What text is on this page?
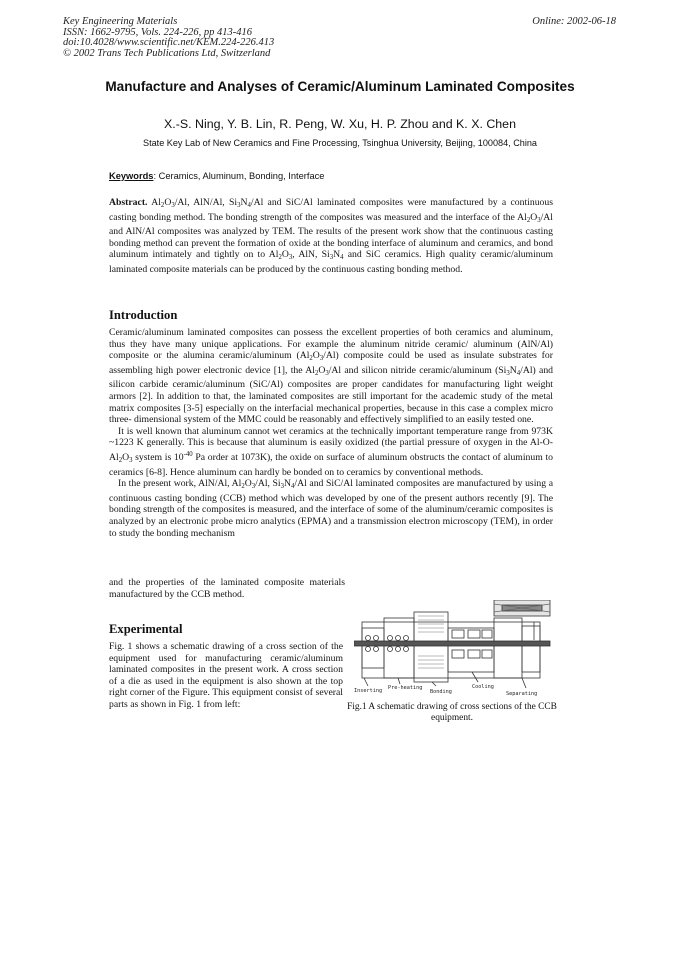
Key Engineering Materials
ISSN: 1662-9795, Vols. 224-226, pp 413-416
doi:10.4028/www.scientific.net/KEM.224-226.413
© 2002 Trans Tech Publications Ltd, Switzerland
Online: 2002-06-18
Manufacture and Analyses of Ceramic/Aluminum Laminated Composites
X.-S. Ning, Y. B. Lin, R. Peng, W. Xu, H. P. Zhou and K. X. Chen
State Key Lab of New Ceramics and Fine Processing, Tsinghua University, Beijing, 100084, China
Keywords: Ceramics, Aluminum, Bonding, Interface
Abstract. $Al_2O_3/Al$, AlN/Al, $Si_3N_4/Al$ and SiC/Al laminated composites were manufactured by a continuous casting bonding method. The bonding strength of the composites was measured and the interface of the $Al_2O_3/Al$ and AlN/Al composites was analyzed by TEM. The results of the present work show that the continuous casting bonding method can prevent the formation of oxide at the bonding interface of aluminum and ceramics, and bond aluminum intimately and tightly on to $Al_2O_3$, AlN, $Si_3N_4$ and SiC ceramics. High quality ceramic/aluminum laminated composite materials can be produced by the continuous casting bonding method.
Introduction

Ceramic/aluminum laminated composites can possess the excellent properties of both ceramics and aluminum, thus they have many unique applications. For example the aluminum nitride ceramic/ aluminum (AlN/Al) composite or the alumina ceramic/aluminum $(Al_2O_3/Al)$ composite could be used as insulate substrates for assembling high power electronic device [1], the $Al_2O_3/Al$ and silicon nitride ceramic/aluminum $(Si_3N_4/Al)$ and silicon carbide ceramic/aluminum (SiC/Al) composites are proper candidates for manufacturing light weight armors [2]. In addition to that, the laminated composites are still important for the academic study of the metal matrix composites [3-5] especially on the interfacial mechanical properties, because in this case a complex micro three- dimensional system of the MMC could be reasonably and effectively simplified to an easily tested one.

It is well known that aluminum cannot wet ceramics at the technically important temperature range from 973K ~1223 K generally. This is because that aluminum is easily oxidized (the partial pressure of oxygen in the Al-O- $Al_2O_3$ system is $10^{-40}$ Pa order at 1073K), the oxide on surface of aluminum obstructs the contact of aluminum to ceramics [6-8]. Hence aluminum can hardly be bonded on to ceramics by conventional methods.

In the present work, AlN/Al, $Al_2O_3/Al$, $Si_3N_4/Al$ and SiC/Al laminated composites are manufactured by using a continuous casting bonding (CCB) method which was developed by one of the present authors recently [9]. The bonding strength of the composites is measured, and the interface of some of the aluminum/ceramic composites is analyzed by an electronic probe micro analytics (EPMA) and a transmission electron microscopy (TEM), in order to study the bonding mechanism

and the properties of the laminated composite materials manufactured by the CCB method.
Experimental
Fig. 1 shows a schematic drawing of a cross section of the equipment used for manufacturing ceramic/aluminum laminated composites in the present work. A cross section of a die as used in the equipment is also shown at the top right corner of the Figure. This equipment consist of several parts as shown in Fig. 1 from left:
Inserting Pre-heating
Bonding
Cooling
Separating
Fig.1 A schematic drawing of cross sections of the CCB equipment.
